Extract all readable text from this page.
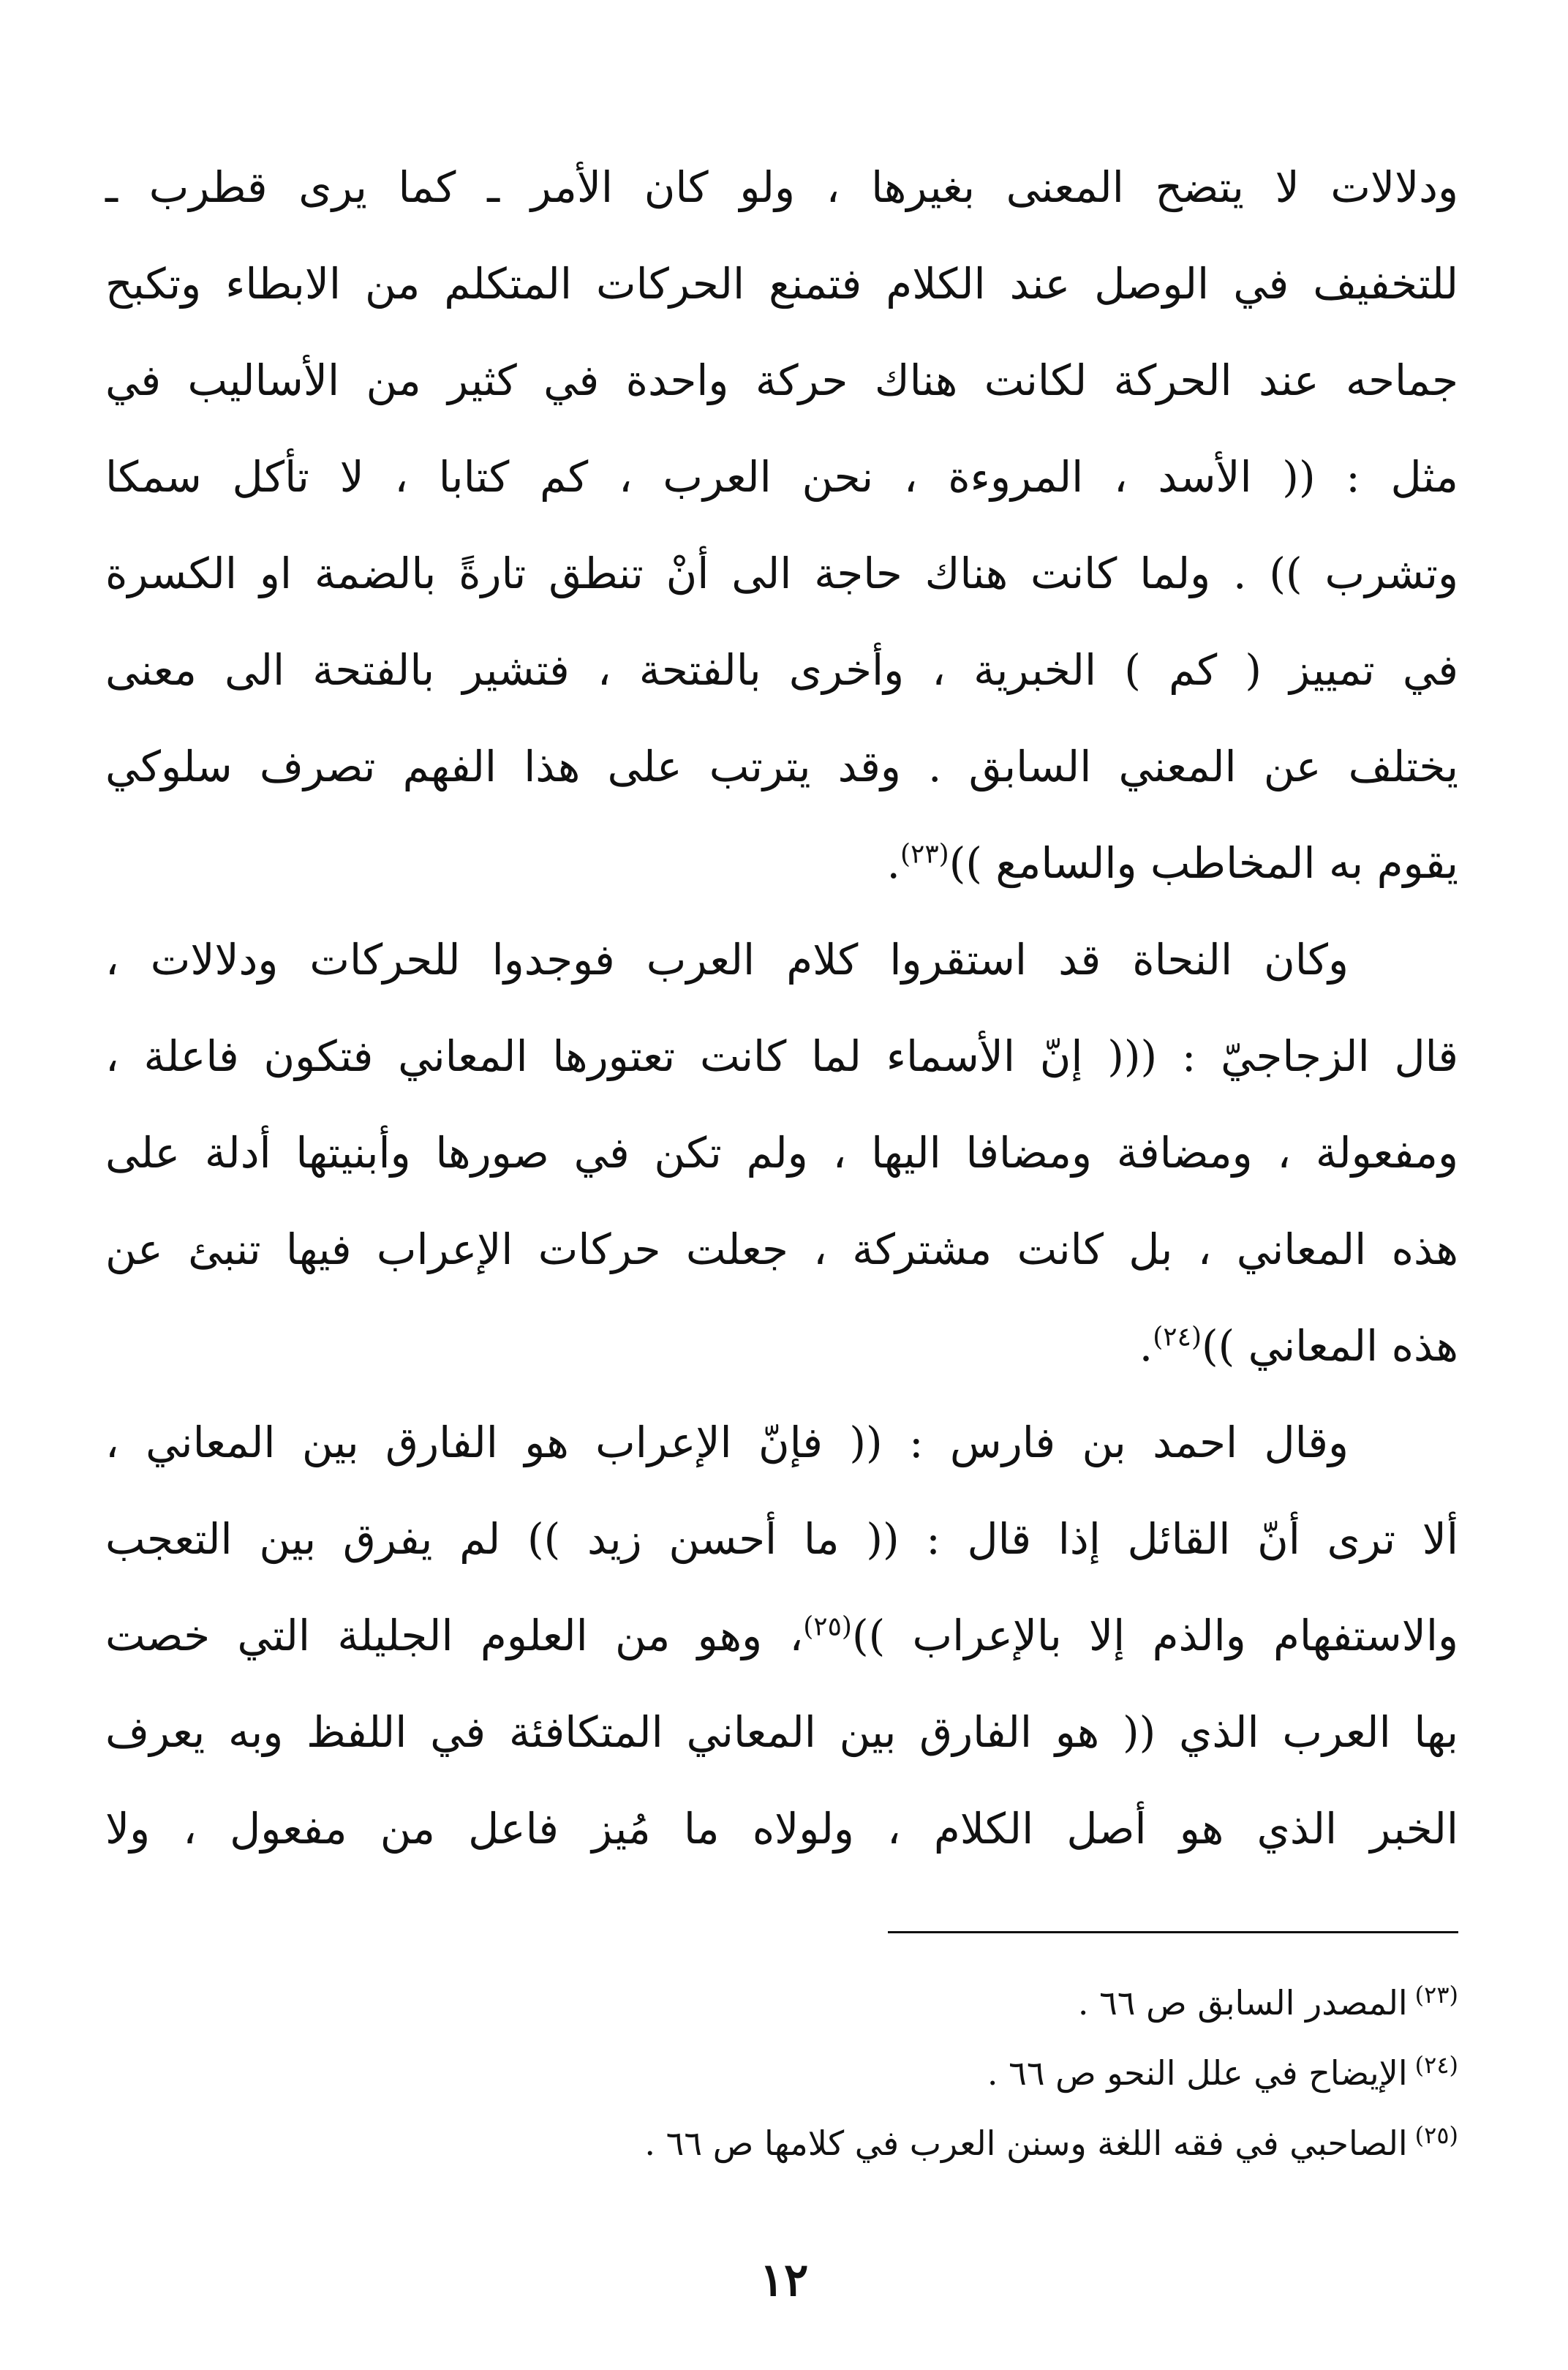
ودلالات لا يتضح المعنى بغيرها ، ولو كان الأمر ـ كما يرى قطرب ـ
للتخفيف في الوصل عند الكلام فتمنع الحركات المتكلم من الابطاء وتكبح
جماحه عند الحركة لكانت هناك حركة واحدة في كثير من الأساليب في
مثل : (( الأسد ، المروءة ، نحن العرب ، كم كتابا ، لا تأكل سمكا
وتشرب )) . ولما كانت هناك حاجة الى أنْ تنطق تارةً بالضمة او الكسرة
في تمييز ( كم ) الخبرية ، وأخرى بالفتحة ، فتشير بالفتحة الى معنى
يختلف عن المعني السابق . وقد يترتب على هذا الفهم تصرف سلوكي
يقوم به المخاطب والسامع ))$^{(٢٣)}$.
وكان النحاة قد استقروا كلام العرب فوجدوا للحركات ودلالات ،
قال الزجاجيّ : ((( إنّ الأسماء لما كانت تعتورها المعاني فتكون فاعلة ،
ومفعولة ، ومضافة ومضافا اليها ، ولم تكن في صورها وأبنيتها أدلة على
هذه المعاني ، بل كانت مشتركة ، جعلت حركات الإعراب فيها تنبئ عن
هذه المعاني ))$^{(٢٤)}$.
وقال احمد بن فارس : (( فإنّ الإعراب هو الفارق بين المعاني ،
ألا ترى أنّ القائل إذا قال : (( ما أحسن زيد )) لم يفرق بين التعجب
والاستفهام والذم إلا بالإعراب ))$^{(٢٥)}$، وهو من العلوم الجليلة التي خصت
بها العرب الذي (( هو الفارق بين المعاني المتكافئة في اللفظ وبه يعرف
الخبر الذي هو أصل الكلام ، ولولاه ما مُيز فاعل من مفعول ، ولا
$^{(٢٣)}$المصدر السابق ص ٦٦ .
$^{(٢٤)}$الإيضاح في علل النحو ص ٦٦ .
$^{(٢٥)}$الصاحبي في فقه اللغة وسنن العرب في كلامها ص ٦٦ .
١٢
